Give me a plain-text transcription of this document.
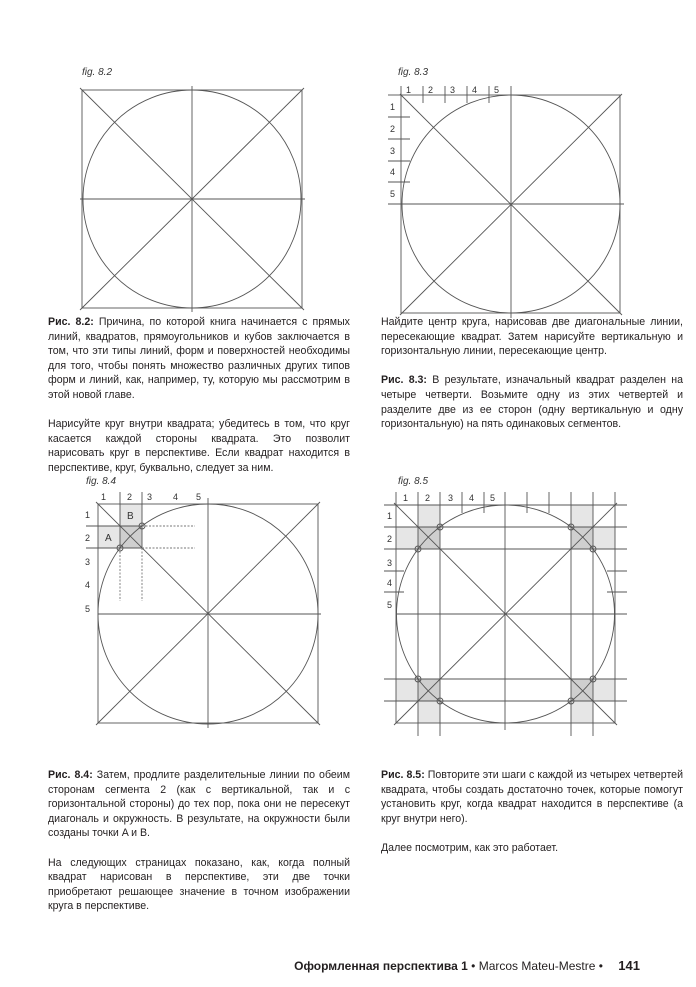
fig. 8.2	fig. 8.3
fig. 8.4	fig. 8.5
1 2 3 4 5
1
2
3
4
5
1 2 3 4 5
1
2
3
4
5
B
A
1 2 3 4 5
1
2
3
4
5

Рис. 8.2: Причина, по которой книга начинается с прямых линий, квадратов, прямоугольников и кубов заключается в том, что эти типы линий, форм и поверхностей необходимы для того, чтобы понять множество различных других типов форм и линий, как, например, ту, которую мы рассмотрим в этой новой главе.

Нарисуйте круг внутри квадрата; убедитесь в том, что круг касается каждой стороны квадрата. Это позволит нарисовать круг в перспективе. Если квадрат находится в перспективе, круг, буквально, следует за ним.

Найдите центр круга, нарисовав две диагональные линии, пересекающие квадрат. Затем нарисуйте вертикальную и горизонтальную линии, пересекающие центр.

Рис. 8.3: В результате, изначальный квадрат разделен на четыре четверти. Возьмите одну из этих четвертей и разделите две из ее сторон (одну вертикальную и одну горизонтальную) на пять одинаковых сегментов.

Рис. 8.4: Затем, продлите разделительные линии по обеим сторонам сегмента 2 (как с вертикальной, так и с горизонтальной стороны) до тех пор, пока они не пересекут диагональ и окружность. В результате, на окружности были созданы точки A и B.

На следующих страницах показано, как, когда полный квадрат нарисован в перспективе, эти две точки приобретают решающее значение в точном изображении круга в перспективе.

Рис. 8.5: Повторите эти шаги с каждой из четырех четвертей квадрата, чтобы создать достаточно точек, которые помогут установить круг, когда квадрат находится в перспективе (а круг внутри него).

Далее посмотрим, как это работает.

Оформленная перспектива 1 • Marcos Mateu-Mestre • 141
